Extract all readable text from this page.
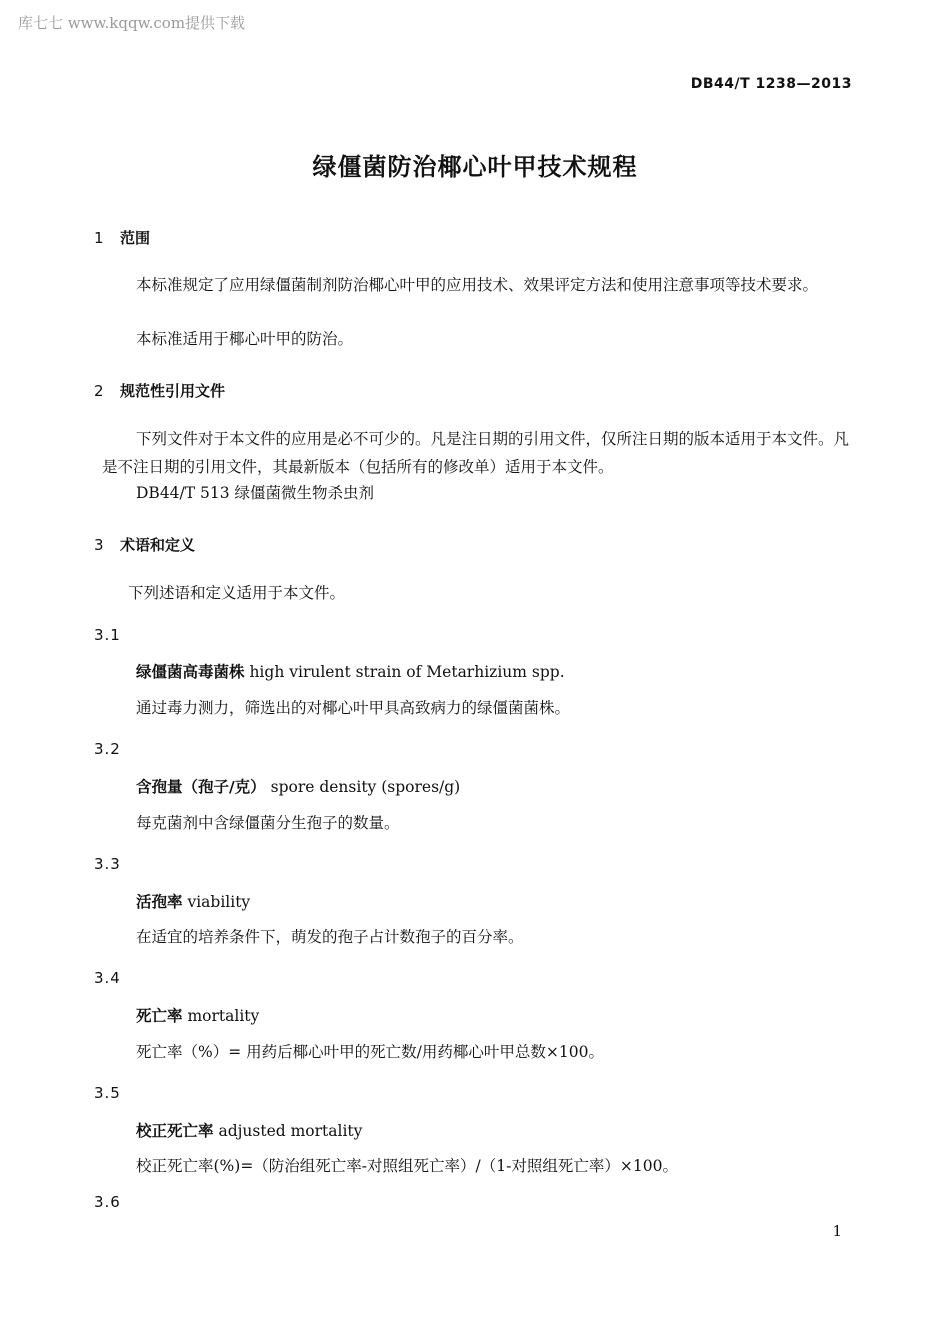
库七七 www.kqqw.com提供下载
DB44/T 1238—2013
绿僵菌防治椰心叶甲技术规程
1 范围
本标准规定了应用绿僵菌制剂防治椰心叶甲的应用技术、效果评定方法和使用注意事项等技术要求。
本标准适用于椰心叶甲的防治。
2 规范性引用文件
下列文件对于本文件的应用是必不可少的。凡是注日期的引用文件，仅所注日期的版本适用于本文件。凡是不注日期的引用文件，其最新版本（包括所有的修改单）适用于本文件。
DB44/T 513 绿僵菌微生物杀虫剂
3 术语和定义
下列述语和定义适用于本文件。
3.1
绿僵菌高毒菌株 high virulent strain of Metarhizium spp.
通过毒力测力，筛选出的对椰心叶甲具高致病力的绿僵菌菌株。
3.2
含孢量（孢子/克） spore density (spores/g)
每克菌剂中含绿僵菌分生孢子的数量。
3.3
活孢率 viability
在适宜的培养条件下，萌发的孢子占计数孢子的百分率。
3.4
死亡率 mortality
死亡率（%）= 用药后椰心叶甲的死亡数/用药椰心叶甲总数×100。
3.5
校正死亡率 adjusted mortality
校正死亡率(%)=（防治组死亡率-对照组死亡率）/（1-对照组死亡率）×100。
3.6
1
